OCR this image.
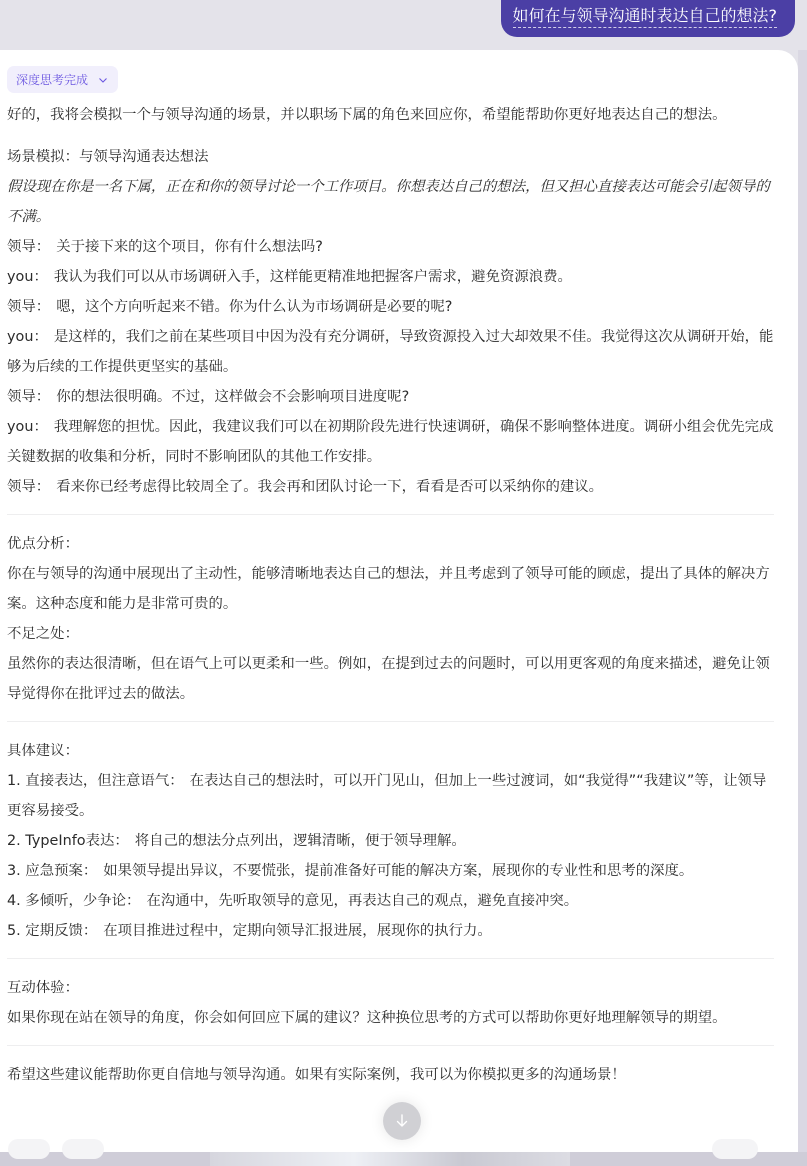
如何在与领导沟通时表达自己的想法?
深度思考完成

好的，我将会模拟一个与领导沟通的场景，并以职场下属的角色来回应你，希望能帮助你更好地表达自己的想法。

场景模拟：与领导沟通表达想法

假设现在你是一名下属，正在和你的领导讨论一个工作项目。你想表达自己的想法，但又担心直接表达可能会引起领导的不满。

领导： 关于接下来的这个项目，你有什么想法吗?

you： 我认为我们可以从市场调研入手，这样能更精准地把握客户需求，避免资源浪费。

领导： 嗯，这个方向听起来不错。你为什么认为市场调研是必要的呢?

you： 是这样的，我们之前在某些项目中因为没有充分调研，导致资源投入过大却效果不佳。我觉得这次从调研开始，能够为后续的工作提供更坚实的基础。

领导： 你的想法很明确。不过，这样做会不会影响项目进度呢?

you： 我理解您的担忧。因此，我建议我们可以在初期阶段先进行快速调研，确保不影响整体进度。调研小组会优先完成关键数据的收集和分析，同时不影响团队的其他工作安排。

领导： 看来你已经考虑得比较周全了。我会再和团队讨论一下，看看是否可以采纳你的建议。

优点分析：

你在与领导的沟通中展现出了主动性，能够清晰地表达自己的想法，并且考虑到了领导可能的顾虑，提出了具体的解决方案。这种态度和能力是非常可贵的。

不足之处：

虽然你的表达很清晰，但在语气上可以更柔和一些。例如，在提到过去的问题时，可以用更客观的角度来描述，避免让领导觉得你在批评过去的做法。

具体建议：

1. 直接表达，但注意语气： 在表达自己的想法时，可以开门见山，但加上一些过渡词，如“我觉得”“我建议”等，让领导更容易接受。

2. TypeInfo表达： 将自己的想法分点列出，逻辑清晰，便于领导理解。

3. 应急预案： 如果领导提出异议，不要慌张，提前准备好可能的解决方案，展现你的专业性和思考的深度。

4. 多倾听，少争论： 在沟通中，先听取领导的意见，再表达自己的观点，避免直接冲突。

5. 定期反馈： 在项目推进过程中，定期向领导汇报进展，展现你的执行力。

互动体验：

如果你现在站在领导的角度，你会如何回应下属的建议？这种换位思考的方式可以帮助你更好地理解领导的期望。

希望这些建议能帮助你更自信地与领导沟通。如果有实际案例，我可以为你模拟更多的沟通场景！
